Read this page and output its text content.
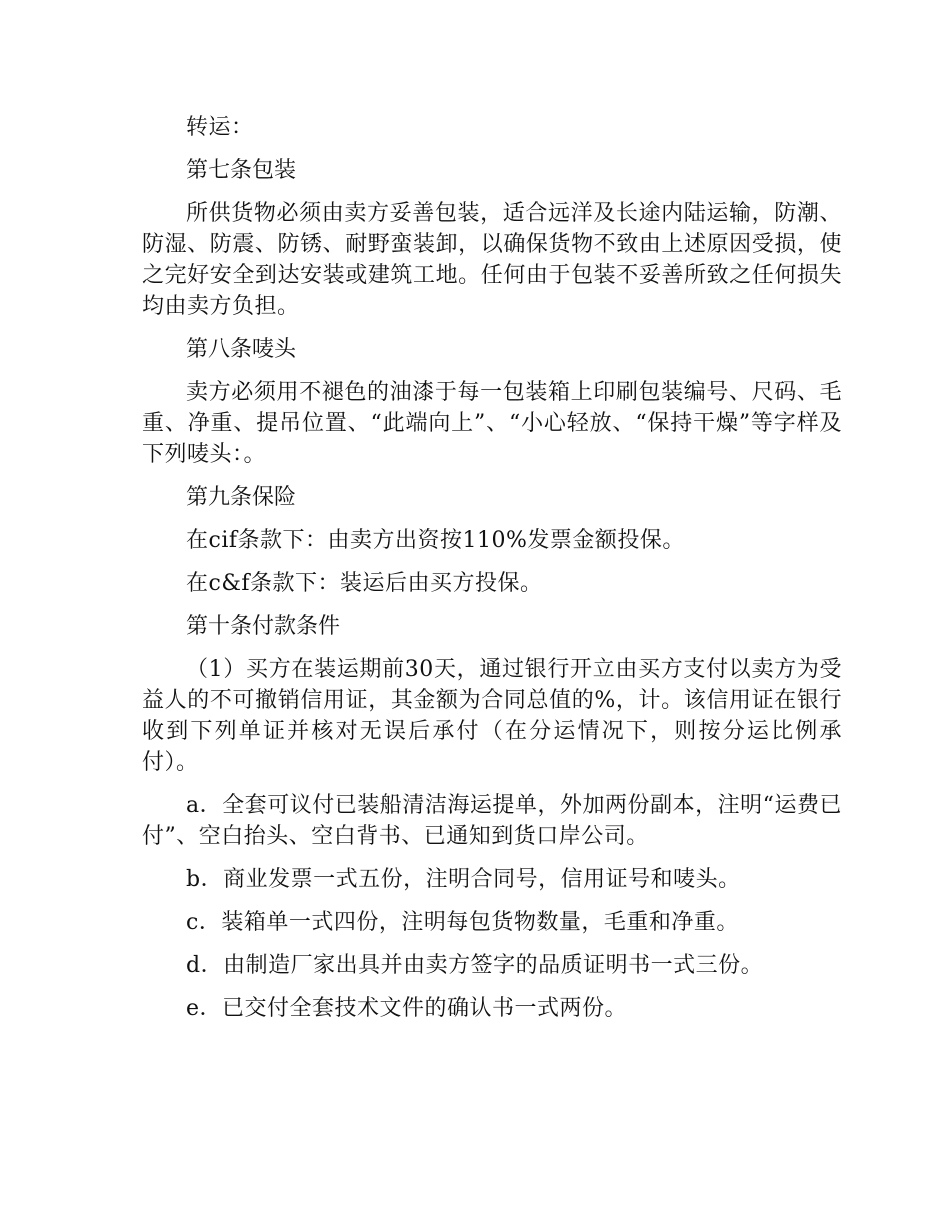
转运：

第七条包装

所供货物必须由卖方妥善包装，适合远洋及长途内陆运输，防潮、防湿、防震、防锈、耐野蛮装卸，以确保货物不致由上述原因受损，使之完好安全到达安装或建筑工地。任何由于包装不妥善所致之任何损失均由卖方负担。

第八条唛头

卖方必须用不褪色的油漆于每一包装箱上印刷包装编号、尺码、毛重、净重、提吊位置、“此端向上”、“小心轻放、“保持干燥”等字样及下列唛头：。

第九条保险

在cif条款下：由卖方出资按110%发票金额投保。

在c&f条款下：装运后由买方投保。

第十条付款条件

（1）买方在装运期前30天，通过银行开立由买方支付以卖方为受益人的不可撤销信用证，其金额为合同总值的%，计。该信用证在银行收到下列单证并核对无误后承付（在分运情况下，则按分运比例承付）。

a．全套可议付已装船清洁海运提单，外加两份副本，注明“运费已付”、空白抬头、空白背书、已通知到货口岸公司。

b．商业发票一式五份，注明合同号，信用证号和唛头。

c．装箱单一式四份，注明每包货物数量，毛重和净重。

d．由制造厂家出具并由卖方签字的品质证明书一式三份。

e．已交付全套技术文件的确认书一式两份。
